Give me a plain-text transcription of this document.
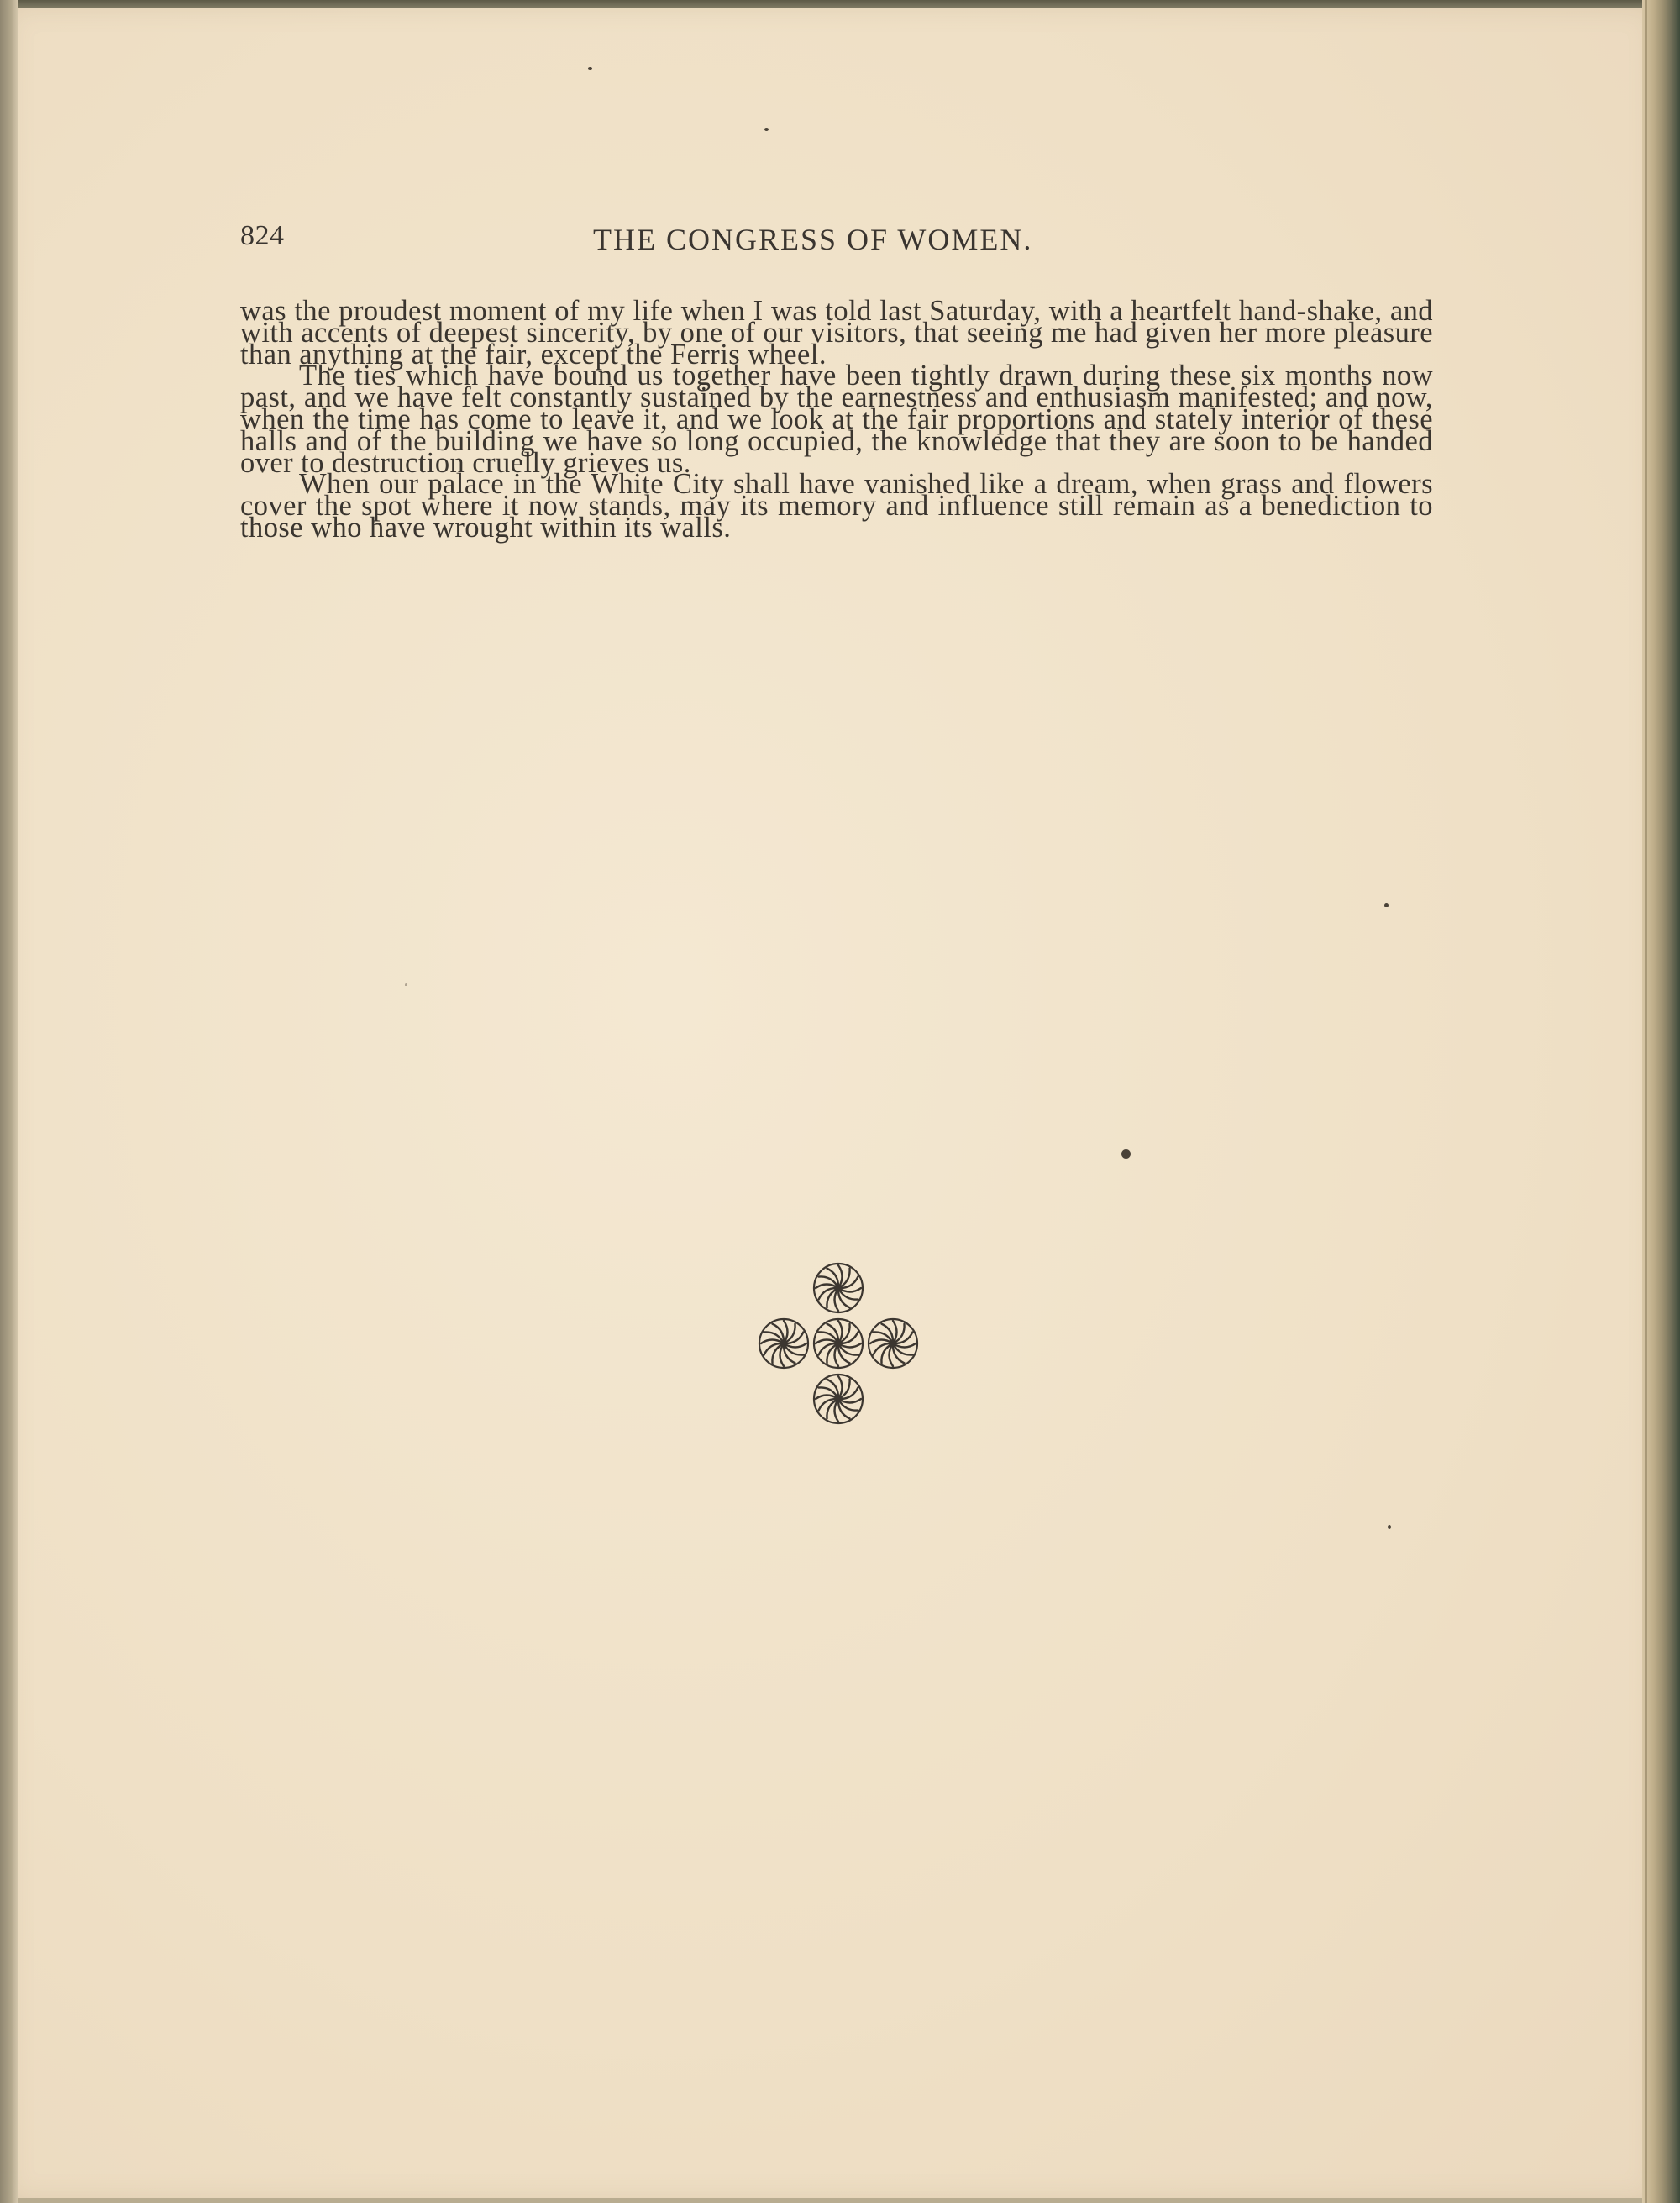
824	THE CONGRESS OF WOMEN.

was the proudest moment of my life when I was told last Saturday, with a heartfelt hand-shake, and with accents of deepest sincerity, by one of our visitors, that seeing me had given her more pleasure than anything at the fair, except the Ferris wheel.

The ties which have bound us together have been tightly drawn during these six months now past, and we have felt constantly sustained by the earnestness and enthusiasm manifested; and now, when the time has come to leave it, and we look at the fair proportions and stately interior of these halls and of the building we have so long occupied, the knowledge that they are soon to be handed over to destruction cruelly grieves us.

When our palace in the White City shall have vanished like a dream, when grass and flowers cover the spot where it now stands, may its memory and influence still remain as a benediction to those who have wrought within its walls.
